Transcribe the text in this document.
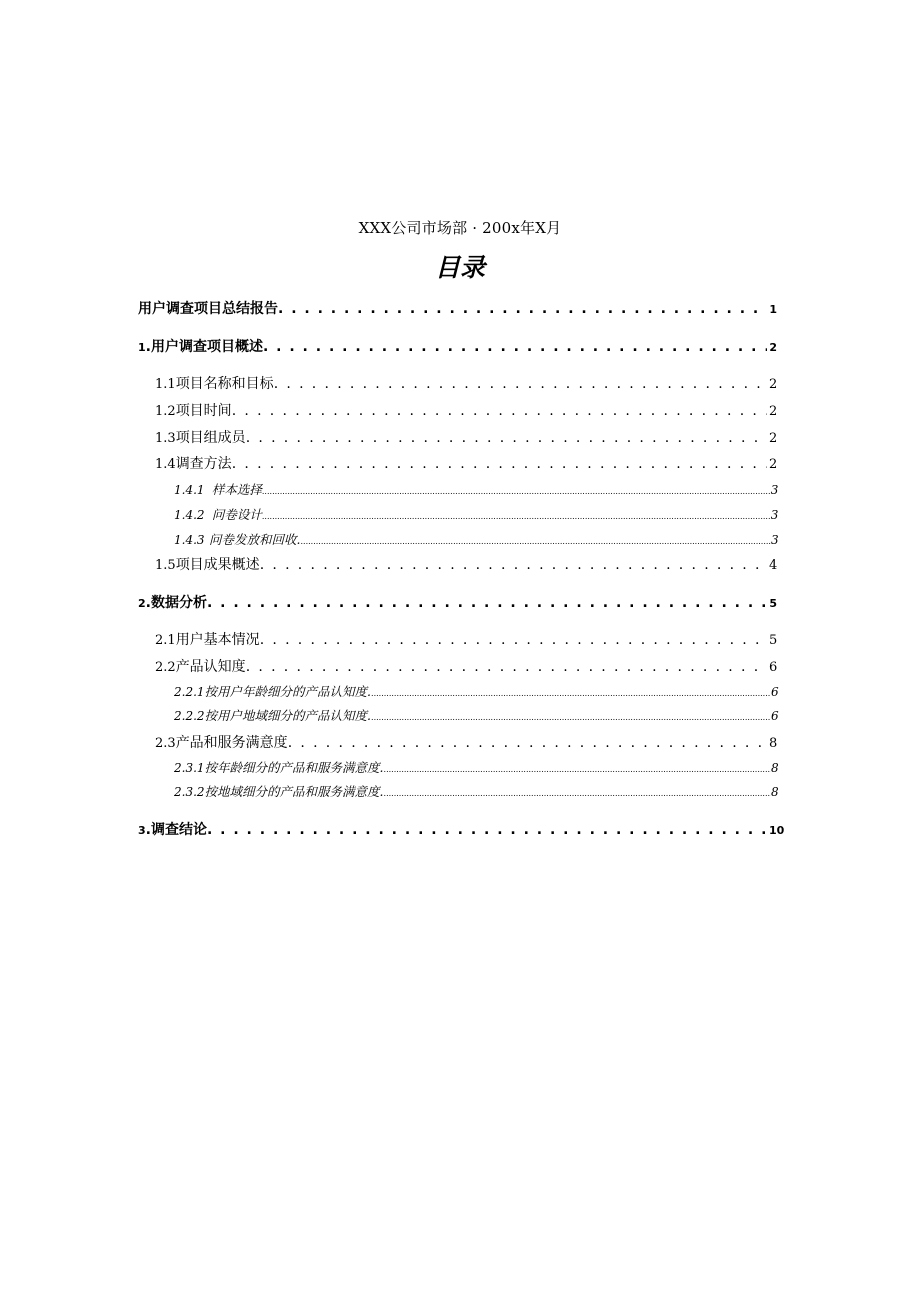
XXX公司市场部 · 200x年X月
目录
用户调查项目总结报告 . . .	1
1 .用户调查项目概述 . . .	2
1.1 项目名称和目标 . . .	2
1.2 项目时间 . . .	2
1.3 项目组成员 . . .	2
1.4 调查方法 . . .	2
1.4.1 样本选择 .....	3
1.4.2 问卷设计 .....	3
1.4.3 问卷发放和回收. .....	3
1.5 项目成果概述 . . .	4
2 .数据分析 . . .	5
2.1 用户基本情况 . . .	5
2.2 产品认知度 . . .	6
2.2.1 按用户年龄细分的产品认知度. .....	6
2.2.2 按用户地域细分的产品认知度. .....	6
2.3 产品和服务满意度 . . .	8
2.3.1 按年龄细分的产品和服务满意度. .....	8
2.3.2 按地域细分的产品和服务满意度. .....	8
3 .调查结论 . . .	10
